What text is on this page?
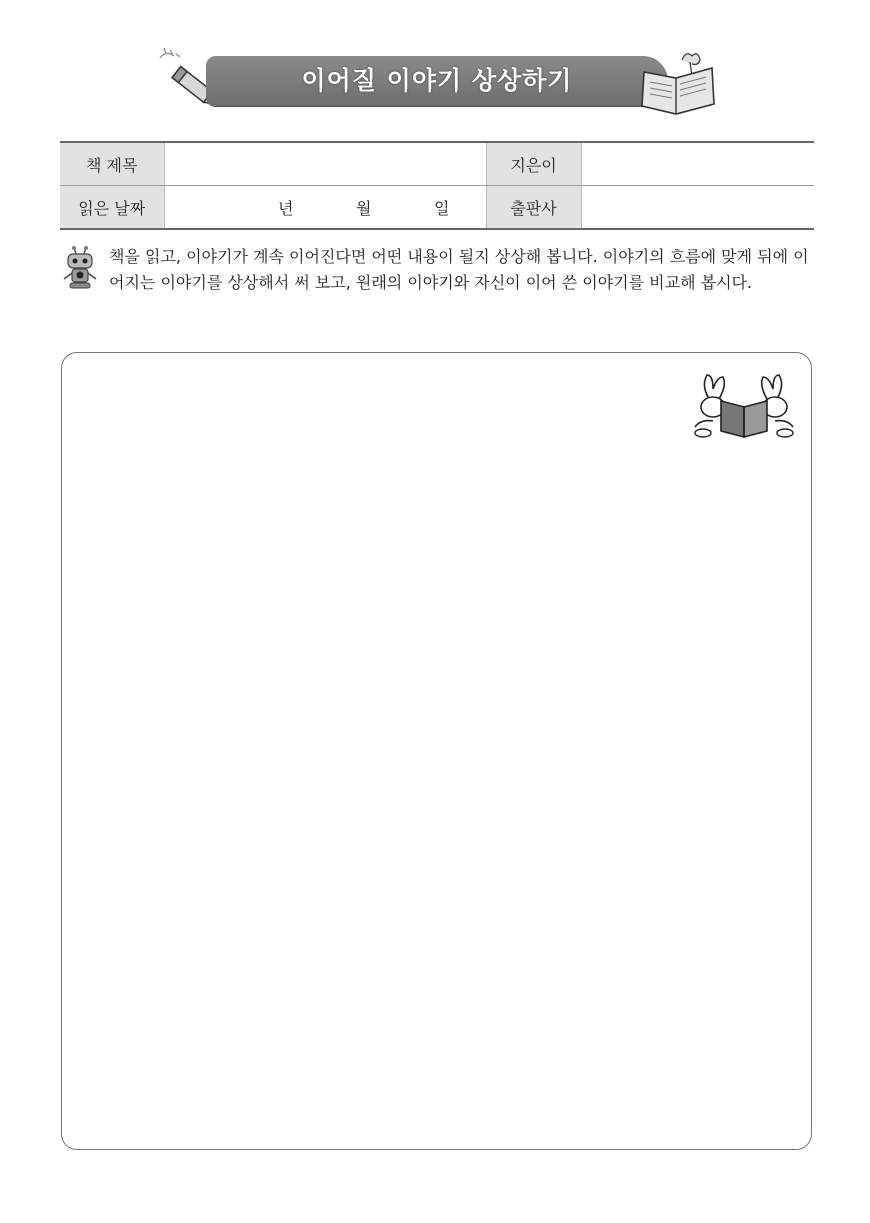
이어질 이야기 상상하기
책 제목		지은이	
읽은 날짜	년 월 일	출판사	
책을 읽고, 이야기가 계속 이어진다면 어떤 내용이 될지 상상해 봅니다. 이야기의 흐름에 맞게 뒤에 이어지는 이야기를 상상해서 써 보고, 원래의 이야기와 자신이 이어 쓴 이야기를 비교해 봅시다.
